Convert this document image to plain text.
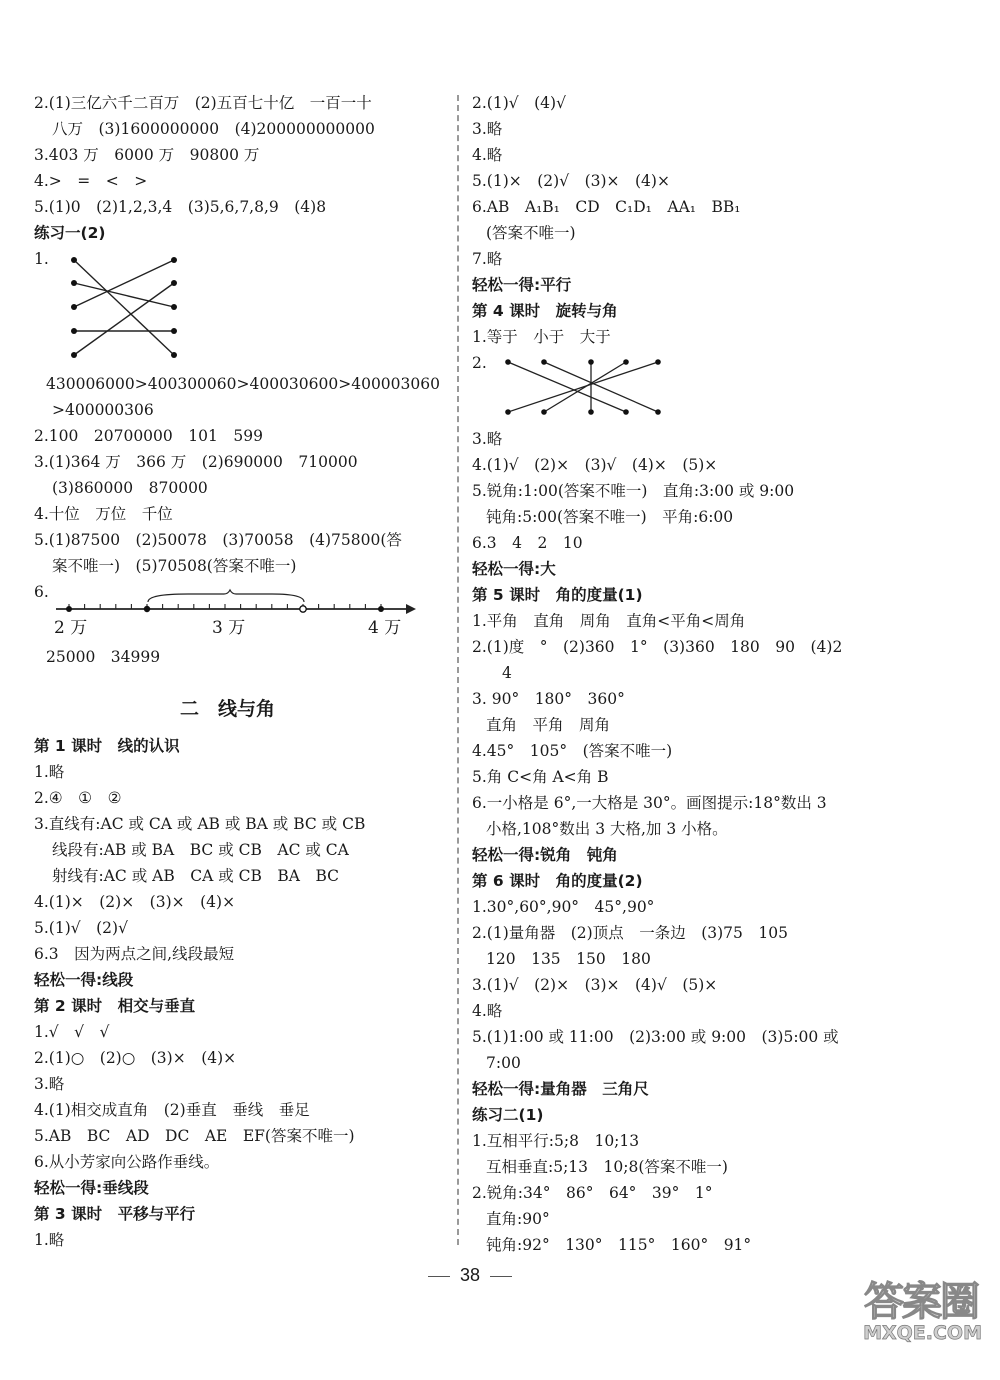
2.(1)三亿六千二百万　(2)五百七十亿　一百一十
八万　(3)1600000000　(4)200000000000
3.403 万　6000 万　90800 万
4.>　=　<　>
5.(1)0　(2)1,2,3,4　(3)5,6,7,8,9　(4)8
练习一(2)
1.
430006000>400300060>400030600>400003060
>400000306
2.100　20700000　101　599
3.(1)364 万　366 万　(2)690000　710000
(3)860000　870000
4.十位　万位　千位
5.(1)87500　(2)50078　(3)70058　(4)75800(答
案不唯一)　(5)70508(答案不唯一)
6.
2 万	3 万	4 万
25000　34999
二　线与角
第 1 课时　线的认识
1.略
2.④　①　②
3.直线有:AC 或 CA 或 AB 或 BA 或 BC 或 CB
线段有:AB 或 BA　BC 或 CB　AC 或 CA
射线有:AC 或 AB　CA 或 CB　BA　BC
4.(1)×　(2)×　(3)×　(4)×
5.(1)√　(2)√
6.3　因为两点之间,线段最短
轻松一得:线段
第 2 课时　相交与垂直
1.√　√　√
2.(1)○　(2)○　(3)×　(4)×
3.略
4.(1)相交成直角　(2)垂直　垂线　垂足
5.AB　BC　AD　DC　AE　EF(答案不唯一)
6.从小芳家向公路作垂线。
轻松一得:垂线段
第 3 课时　平移与平行
1.略
2.(1)√　(4)√
3.略
4.略
5.(1)×　(2)√　(3)×　(4)×
6.AB　A₁B₁　CD　C₁D₁　AA₁　BB₁
(答案不唯一)
7.略
轻松一得:平行
第 4 课时　旋转与角
1.等于　小于　大于
2.
3.略
4.(1)√　(2)×　(3)√　(4)×　(5)×
5.锐角:1:00(答案不唯一)　直角:3:00 或 9:00
钝角:5:00(答案不唯一)　平角:6:00
6.3　4　2　10
轻松一得:大
第 5 课时　角的度量(1)
1.平角　直角　周角　直角<平角<周角
2.(1)度　°　(2)360　1°　(3)360　180　90　(4)2
4
3. 90°　180°　360°
直角　平角　周角
4.45°　105°　(答案不唯一)
5.角 C<角 A<角 B
6.一小格是 6°,一大格是 30°。画图提示:18°数出 3
小格,108°数出 3 大格,加 3 小格。
轻松一得:锐角　钝角
第 6 课时　角的度量(2)
1.30°,60°,90°　45°,90°
2.(1)量角器　(2)顶点　一条边　(3)75　105
120　135　150　180
3.(1)√　(2)×　(3)×　(4)√　(5)×
4.略
5.(1)1:00 或 11:00　(2)3:00 或 9:00　(3)5:00 或
7:00
轻松一得:量角器　三角尺
练习二(1)
1.互相平行:5;8　10;13
互相垂直:5;13　10;8(答案不唯一)
2.锐角:34°　86°　64°　39°　1°
直角:90°
钝角:92°　130°　115°　160°　91°
38
答案圈
MXQE.COM
